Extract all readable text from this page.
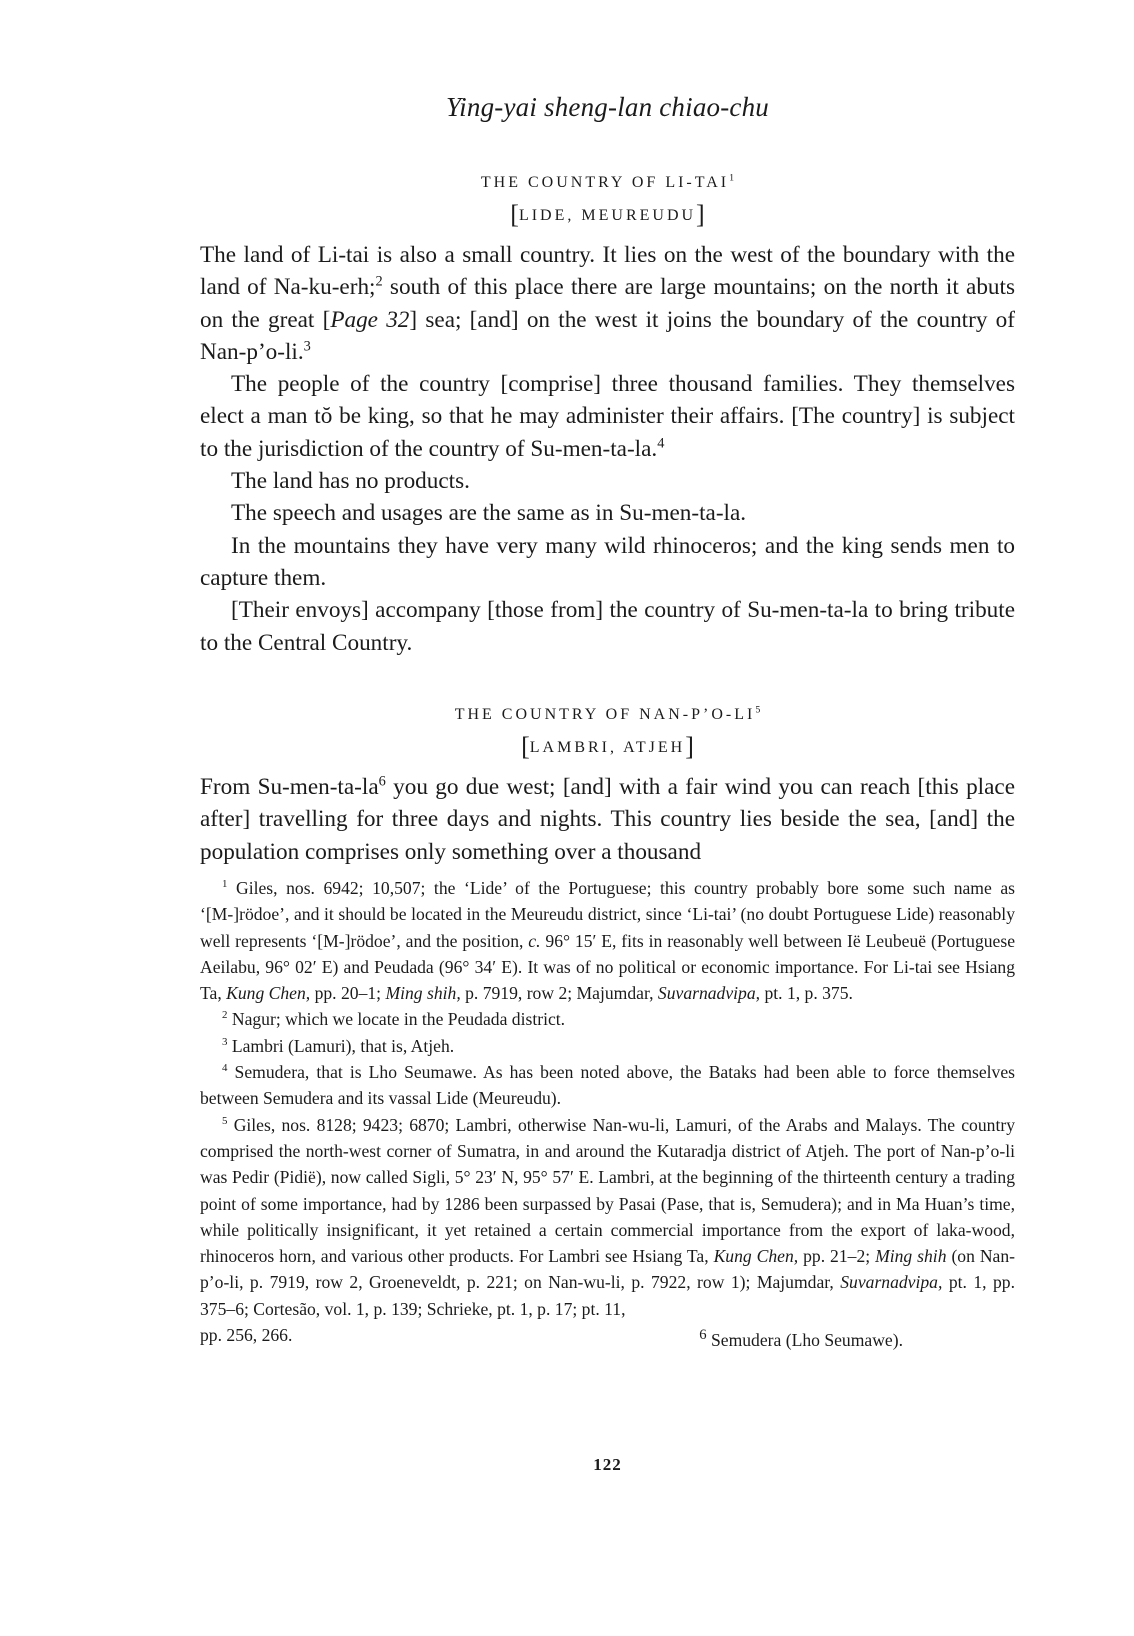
Ying-yai sheng-lan chiao-chu
THE COUNTRY OF LI-TAI$^1$
[LIDE, MEUREUDU]

The land of Li-tai is also a small country. It lies on the west of the boundary with the land of Na-ku-erh;$^2$ south of this place there are large mountains; on the north it abuts on the great [Page 32] sea; [and] on the west it joins the boundary of the country of Nan-p’o-li.$^3$

The people of the country [comprise] three thousand families. They themselves elect a man tŏ be king, so that he may administer their affairs. [The country] is subject to the jurisdiction of the country of Su-men-ta-la.$^4$

The land has no products.

The speech and usages are the same as in Su-men-ta-la.

In the mountains they have very many wild rhinoceros; and the king sends men to capture them.

[Their envoys] accompany [those from] the country of Su-men-ta-la to bring tribute to the Central Country.

THE COUNTRY OF NAN-$P’O-LI^5$
[LAMBRI, ATJEH]

From $Su-men-ta-la^6$ you go due west; [and] with a fair wind you can reach [this place after] travelling for three days and nights. This country lies beside the sea, [and] the population comprises only something over a thousand

$^1$ Giles, nos. 6942; 10,507; the ‘Lide’ of the Portuguese; this country probably bore some such name as ‘[M-]rödoe’, and it should be located in the Meureudu district, since ‘Li-tai’ (no doubt Portuguese Lide) reasonably well represents ‘[M-]rödoe’, and the position, c. 96° 15′ E, fits in reasonably well between Ië Leubeuë (Portuguese Aeilabu, 96° 02′ E) and Peudada (96° 34′ E). It was of no political or economic importance. For Li-tai see Hsiang Ta, Kung Chen, pp. 20–1; Ming shih, p. 7919, row 2; Majumdar, Suvarnadvipa, pt. 1, p. 375.

$^2$ Nagur; which we locate in the Peudada district.

$^3$ Lambri (Lamuri), that is, Atjeh.

$^4$ Semudera, that is Lho Seumawe. As has been noted above, the Bataks had been able to force themselves between Semudera and its vassal Lide (Meureudu).

$^5$ Giles, nos. 8128; 9423; 6870; Lambri, otherwise Nan-wu-li, Lamuri, of the Arabs and Malays. The country comprised the north-west corner of Sumatra, in and around the Kutaradja district of Atjeh. The port of Nan-p’o-li was Pedir (Pidië), now called Sigli, 5° 23′ N, 95° 57′ E. Lambri, at the beginning of the thirteenth century a trading point of some importance, had by 1286 been surpassed by Pasai (Pase, that is, Semudera); and in Ma Huan’s time, while politically insignificant, it yet retained a certain commercial importance from the export of laka-wood, rhinoceros horn, and various other products. For Lambri see Hsiang Ta, Kung Chen, pp. 21–2; Ming shih (on Nan-p’o-li, p. 7919, row 2, Groeneveldt, p. 221; on Nan-wu-li, p. 7922, row 1); Majumdar, Suvarnadvipa, pt. 1, pp. 375–6; Cortesão, vol. 1, p. 139; Schrieke, pt. 1, p. 17; pt. 11,

pp. 256, 266.	$^6$ Semudera (Lho Seumawe).
122
